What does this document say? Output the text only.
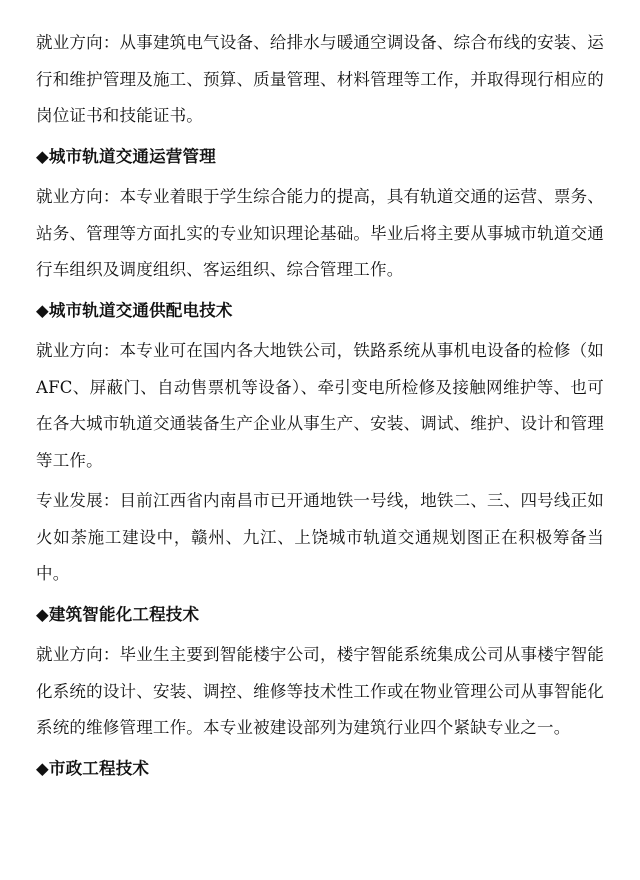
就业方向：从事建筑电气设备、给排水与暖通空调设备、综合布线的安装、运行和维护管理及施工、预算、质量管理、材料管理等工作，并取得现行相应的岗位证书和技能证书。

◆城市轨道交通运营管理

就业方向：本专业着眼于学生综合能力的提高，具有轨道交通的运营、票务、站务、管理等方面扎实的专业知识理论基础。毕业后将主要从事城市轨道交通行车组织及调度组织、客运组织、综合管理工作。

◆城市轨道交通供配电技术

就业方向：本专业可在国内各大地铁公司，铁路系统从事机电设备的检修（如AFC、屏蔽门、自动售票机等设备）、牵引变电所检修及接触网维护等、也可在各大城市轨道交通装备生产企业从事生产、安装、调试、维护、设计和管理等工作。

专业发展：目前江西省内南昌市已开通地铁一号线，地铁二、三、四号线正如火如荼施工建设中，赣州、九江、上饶城市轨道交通规划图正在积极筹备当中。

◆建筑智能化工程技术

就业方向：毕业生主要到智能楼宇公司，楼宇智能系统集成公司从事楼宇智能化系统的设计、安装、调控、维修等技术性工作或在物业管理公司从事智能化系统的维修管理工作。本专业被建设部列为建筑行业四个紧缺专业之一。

◆市政工程技术
